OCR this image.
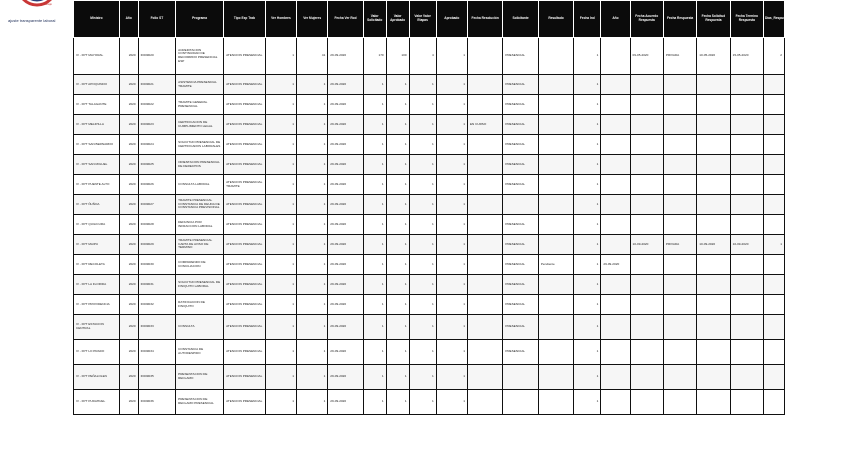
Trabajo
ajuste transparente laboral	Ministro	Año	Folio ST	Programa	Tipo Exp Trab	Ver Hombres	Ver Mujeres	Fecha Ver Rod	Valor Solicitado	Valor Aprobado	Valor Valor Etapas	Aprobado	Fecha Resolución	Solicitante	Resultado	Fecha Ind	Año	Fecha Acuerdo Respuesta	Fecha Respuesta	Fecha Solicitud Respuesta	Fecha Termino Respuesta	Días_Respuestas
IV - FPT MAYORAL	2020	IF009020	ACREDITACION CONTINUIDAD DE RECORRIDO PRESENCIAL ESP	ATENCION PRESENCIAL	1	41	29-09-2020	170	100	4	1		PRESENCIAL		1		09-05-2020	PRIVADA	10-05-2020	15-05-2020	2
IV - FPT APOQUINDO	2020	IF009021	ASISTENCIA PRESENCIAL TRAMITE	ATENCION PRESENCIAL	1	1	29-09-2020	1	1	1	1		PRESENCIAL		1						
IV - FPT TALAGANTE	2020	IF009022	TRAMITE GENERAL PRESENCIAL	ATENCION PRESENCIAL	1	1	29-09-2020	1	1	1	1		PRESENCIAL		1						
IV - FPT MELIPILLA	2020	IF009023	CERTIFICACION DE CUMPLIMIENTO LEGAL	ATENCION PRESENCIAL	1	1	29-09-2020	1	1	1	1	EN CURSO	PRESENCIAL		1						
IV - FPT SAN BERNARDO	2020	IF009024	SOLICITUD PRESENCIAL DE CERTIFICADOS LABORALES	ATENCION PRESENCIAL	1	1	29-09-2020	1	1	1	1		PRESENCIAL		1						
IV - FPT SAN MIGUEL	2020	IF009025	ORIENTACION PRESENCIAL DE DERECHOS	ATENCION PRESENCIAL	1	1	29-09-2020	1	1	1	1		PRESENCIAL		1						
IV - FPT PUENTE ALTO	2020	IF009026	CONSULTA LABORAL	ATENCION PRESENCIAL TRAMITE	1	1	29-09-2020	1	1	1	1		PRESENCIAL		1						
IV - FPT ÑUÑOA	2020	IF009027	TRAMITE PRESENCIAL CONSTANCIA DE DEUDA DE CONSTANCIA PREVISIONAL	ATENCION PRESENCIAL	1	1	29-09-2020	1	1	1	1				1						
IV - FPT QUILICURA	2020	IF009028	DENUNCIA POR INFRACCION LABORAL	ATENCION PRESENCIAL	1	1	29-09-2020	1	1	1	1		PRESENCIAL		1						
IV - FPT MAIPU	2020	IF009029	TRAMITE PRESENCIAL CARTA DE AVISO DE TERMINO	ATENCION PRESENCIAL	1	1	29-09-2020	1	1	1	1		PRESENCIAL		1		10-09-2020	PRIVADA	10-09-2020	10-09-2020	1
IV - FPT RECOLETA	2020	IF009030	COMPARENDO DE CONCILIACION	ATENCION PRESENCIAL	1	1	29-09-2020	1	1	1	1		PRESENCIAL	Pendiente	1	29-09-2020					
IV - FPT LA FLORIDA	2020	IF009031	SOLICITUD PRESENCIAL DE FINIQUITO LABORAL	ATENCION PRESENCIAL	1	1	29-09-2020	1	1	1	1		PRESENCIAL		1						
IV - FPT PROVIDENCIA	2020	IF009032	RATIFICACION DE FINIQUITO	ATENCION PRESENCIAL	1	1	29-09-2020	1	1	1	1		PRESENCIAL		1						
IV - FPT ESTACION CENTRAL	2020	IF009033	CONSULTA	ATENCION PRESENCIAL	1	1	29-09-2020	1	1	1	1		PRESENCIAL		1						
IV - FPT LO PRADO	2020	IF009034	CONSTANCIA DE AUTODESPIDO	ATENCION PRESENCIAL	1	1	29-09-2020	1	1	1	1		PRESENCIAL		1						
IV - FPT PEÑALOLEN	2020	IF009035	PRESENTACION DE RECLAMO	ATENCION PRESENCIAL	1	1	29-09-2020	1	1	1	1				1						
IV - FPT PUDAHUEL	2020	IF009036	PRESENTACION DE RECLAMO PRESENCIAL	ATENCION PRESENCIAL	1	1	29-09-2020	1	1	1	1				1						
